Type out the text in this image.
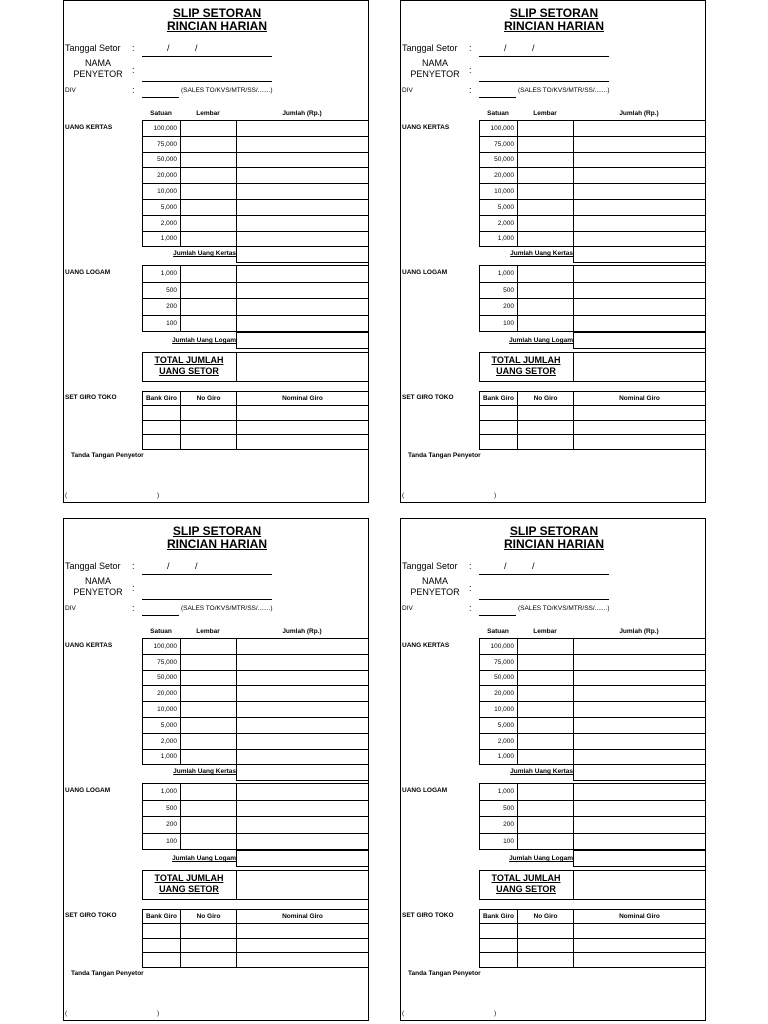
SLIP SETORAN
RINCIAN HARIAN
Tanggal Setor :	/	/
NAMA
PENYETOR	:
DIV	:	(SALES TO/KVS/MTR/SS/.......)
Satuan	Lembar	Jumlah (Rp.)
UANG KERTAS	100,000		
75,000		
50,000		
20,000		
10,000		
5,000		
2,000		
1,000		
Jumlah Uang Kertas
UANG LOGAM	1,000		
500		
200		
100		
Jumlah Uang Logam
TOTAL JUMLAH
UANG SETOR
SET GIRO TOKO	Bank Giro	No Giro	Nominal Giro

Tanda Tangan Penyetor
(	)
SLIP SETORAN
RINCIAN HARIAN
Tanggal Setor :	/	/
NAMA
PENYETOR	:
DIV	:	(SALES TO/KVS/MTR/SS/.......)
Satuan	Lembar	Jumlah (Rp.)
UANG KERTAS	100,000		
75,000		
50,000		
20,000		
10,000		
5,000		
2,000		
1,000		
Jumlah Uang Kertas
UANG LOGAM	1,000		
500		
200		
100		
Jumlah Uang Logam
TOTAL JUMLAH
UANG SETOR
SET GIRO TOKO	Bank Giro	No Giro	Nominal Giro

Tanda Tangan Penyetor
(	)
SLIP SETORAN
RINCIAN HARIAN
Tanggal Setor :	/	/
NAMA
PENYETOR	:
DIV	:	(SALES TO/KVS/MTR/SS/.......)
Satuan	Lembar	Jumlah (Rp.)
UANG KERTAS	100,000		
75,000		
50,000		
20,000		
10,000		
5,000		
2,000		
1,000		
Jumlah Uang Kertas
UANG LOGAM	1,000		
500		
200		
100		
Jumlah Uang Logam
TOTAL JUMLAH
UANG SETOR
SET GIRO TOKO	Bank Giro	No Giro	Nominal Giro

Tanda Tangan Penyetor
(	)
SLIP SETORAN
RINCIAN HARIAN
Tanggal Setor :	/	/
NAMA
PENYETOR	:
DIV	:	(SALES TO/KVS/MTR/SS/.......)
Satuan	Lembar	Jumlah (Rp.)
UANG KERTAS	100,000		
75,000		
50,000		
20,000		
10,000		
5,000		
2,000		
1,000		
Jumlah Uang Kertas
UANG LOGAM	1,000		
500		
200		
100		
Jumlah Uang Logam
TOTAL JUMLAH
UANG SETOR
SET GIRO TOKO	Bank Giro	No Giro	Nominal Giro

Tanda Tangan Penyetor
(	)
